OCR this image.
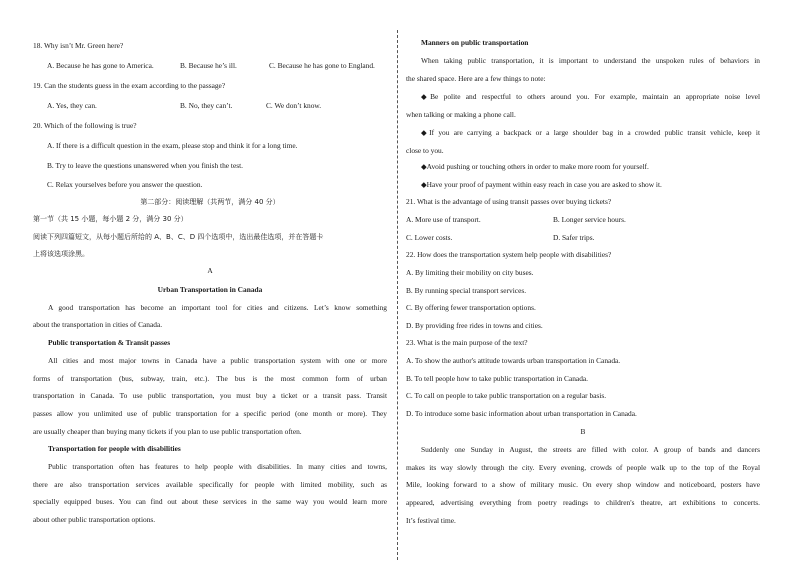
18. Why isn’t Mr. Green here?
A. Because he has gone to America.	B. Because he’s ill.	C. Because he has gone to England.
19. Can the students guess in the exam according to the passage?
A. Yes, they can.	B. No, they can’t.	C. We don’t know.
20. Which of the following is true?
A. If there is a difficult question in the exam, please stop and think it for a long time.
B. Try to leave the questions unanswered when you finish the test.
C. Relax yourselves before you answer the question.
第二部分：阅读理解（共两节，满分 40 分）
第一节（共 15 小题，每小题 2 分，满分 30 分）
阅读下列四篇短文，从每小题后所给的 A、B、C、D 四个选项中，选出最佳选项，并在答题卡
上将该选项涂黑。
A
Urban Transportation in Canada
A good transportation has become an important tool for cities and citizens. Let’s know something
about the transportation in cities of Canada.
Public transportation & Transit passes
All cities and most major towns in Canada have a public transportation system with one or more
forms of transportation (bus, subway, train, etc.). The bus is the most common form of urban
transportation in Canada. To use public transportation, you must buy a ticket or a transit pass. Transit
passes allow you unlimited use of public transportation for a specific period (one month or more). They
are usually cheaper than buying many tickets if you plan to use public transportation often.
Transportation for people with disabilities
Public transportation often has features to help people with disabilities. In many cities and towns,
there are also transportation services available specifically for people with limited mobility, such as
specially equipped buses. You can find out about these services in the same way you would learn more
about other public transportation options.
Manners on public transportation
When taking public transportation, it is important to understand the unspoken rules of behaviors in
the shared space. Here are a few things to note:
◆Be polite and respectful to others around you. For example, maintain an appropriate noise level
when talking or making a phone call.
◆If you are carrying a backpack or a large shoulder bag in a crowded public transit vehicle, keep it
close to you.
◆Avoid pushing or touching others in order to make more room for yourself.
◆Have your proof of payment within easy reach in case you are asked to show it.
21. What is the advantage of using transit passes over buying tickets?
A. More use of transport.	B. Longer service hours.
C. Lower costs.	D. Safer trips.
22. How does the transportation system help people with disabilities?
A. By limiting their mobility on city buses.
B. By running special transport services.
C. By offering fewer transportation options.
D. By providing free rides in towns and cities.
23. What is the main purpose of the text?
A. To show the author's attitude towards urban transportation in Canada.
B. To tell people how to take public transportation in Canada.
C. To call on people to take public transportation on a regular basis.
D. To introduce some basic information about urban transportation in Canada.
B
Suddenly one Sunday in August, the streets are filled with color. A group of bands and dancers
makes its way slowly through the city. Every evening, crowds of people walk up to the top of the Royal
Mile, looking forward to a show of military music. On every shop window and noticeboard, posters have
appeared, advertising everything from poetry readings to children's theatre, art exhibitions to concerts.
It’s festival time.
